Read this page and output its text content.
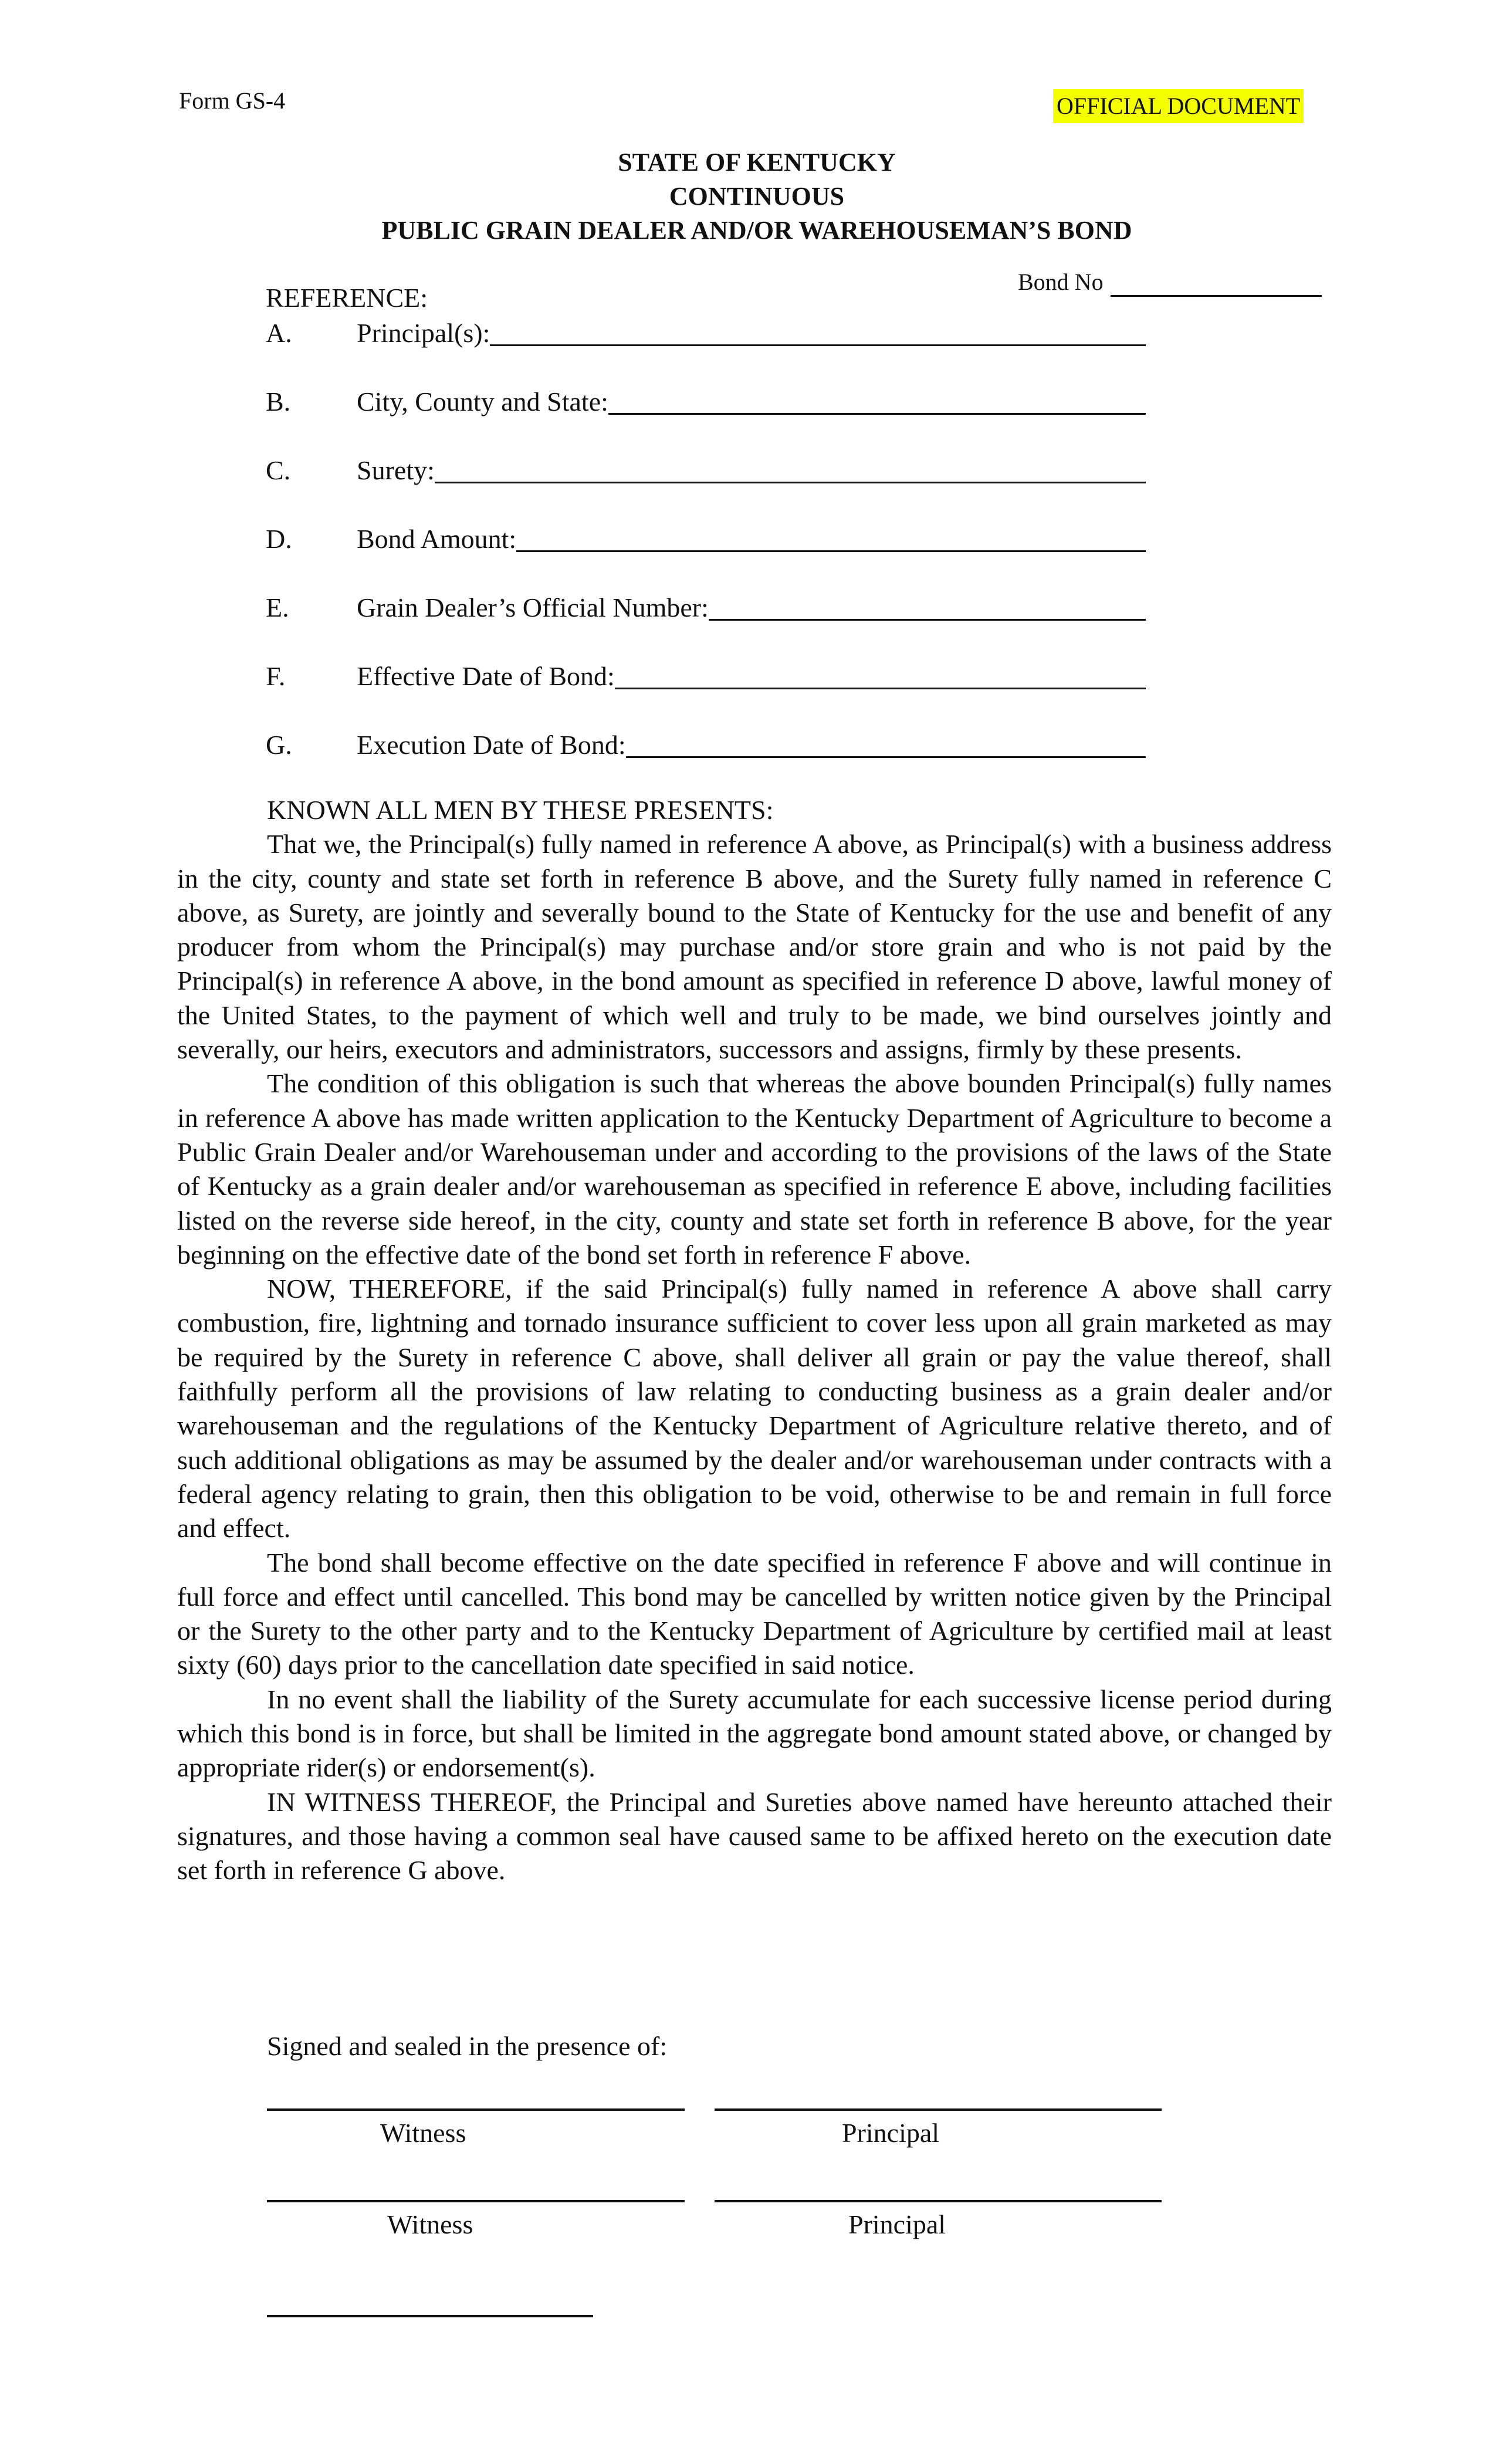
Form GS-4	OFFICIAL DOCUMENT
STATE OF KENTUCKY
CONTINUOUS
PUBLIC GRAIN DEALER AND/OR WAREHOUSEMAN’S BOND
Bond No
REFERENCE:
A.	Principal(s):
B.	City, County and State:
C.	Surety:
D.	Bond Amount:
E.	Grain Dealer’s Official Number:
F.	Effective Date of Bond:
G.	Execution Date of Bond:

KNOWN ALL MEN BY THESE PRESENTS:

That we, the Principal(s) fully named in reference A above, as Principal(s) with a business address in the city, county and state set forth in reference B above, and the Surety fully named in reference C above, as Surety, are jointly and severally bound to the State of Kentucky for the use and benefit of any producer from whom the Principal(s) may purchase and/or store grain and who is not paid by the Principal(s) in reference A above, in the bond amount as specified in reference D above, lawful money of the United States, to the payment of which well and truly to be made, we bind ourselves jointly and severally, our heirs, executors and administrators, successors and assigns, firmly by these presents.

The condition of this obligation is such that whereas the above bounden Principal(s) fully names in reference A above has made written application to the Kentucky Department of Agriculture to become a Public Grain Dealer and/or Warehouseman under and according to the provisions of the laws of the State of Kentucky as a grain dealer and/or warehouseman as specified in reference E above, including facilities listed on the reverse side hereof, in the city, county and state set forth in reference B above, for the year beginning on the effective date of the bond set forth in reference F above.

NOW, THEREFORE, if the said Principal(s) fully named in reference A above shall carry combustion, fire, lightning and tornado insurance sufficient to cover less upon all grain marketed as may be required by the Surety in reference C above, shall deliver all grain or pay the value thereof, shall faithfully perform all the provisions of law relating to conducting business as a grain dealer and/or warehouseman and the regulations of the Kentucky Department of Agriculture relative thereto, and of such additional obligations as may be assumed by the dealer and/or warehouseman under contracts with a federal agency relating to grain, then this obligation to be void, otherwise to be and remain in full force and effect.

The bond shall become effective on the date specified in reference F above and will continue in full force and effect until cancelled. This bond may be cancelled by written notice given by the Principal or the Surety to the other party and to the Kentucky Department of Agriculture by certified mail at least sixty (60) days prior to the cancellation date specified in said notice.

In no event shall the liability of the Surety accumulate for each successive license period during which this bond is in force, but shall be limited in the aggregate bond amount stated above, or changed by appropriate rider(s) or endorsement(s).

IN WITNESS THEREOF, the Principal and Sureties above named have hereunto attached their signatures, and those having a common seal have caused same to be affixed hereto on the execution date set forth in reference G above.

Signed and sealed in the presence of:
Witness	Principal
Witness	Principal
